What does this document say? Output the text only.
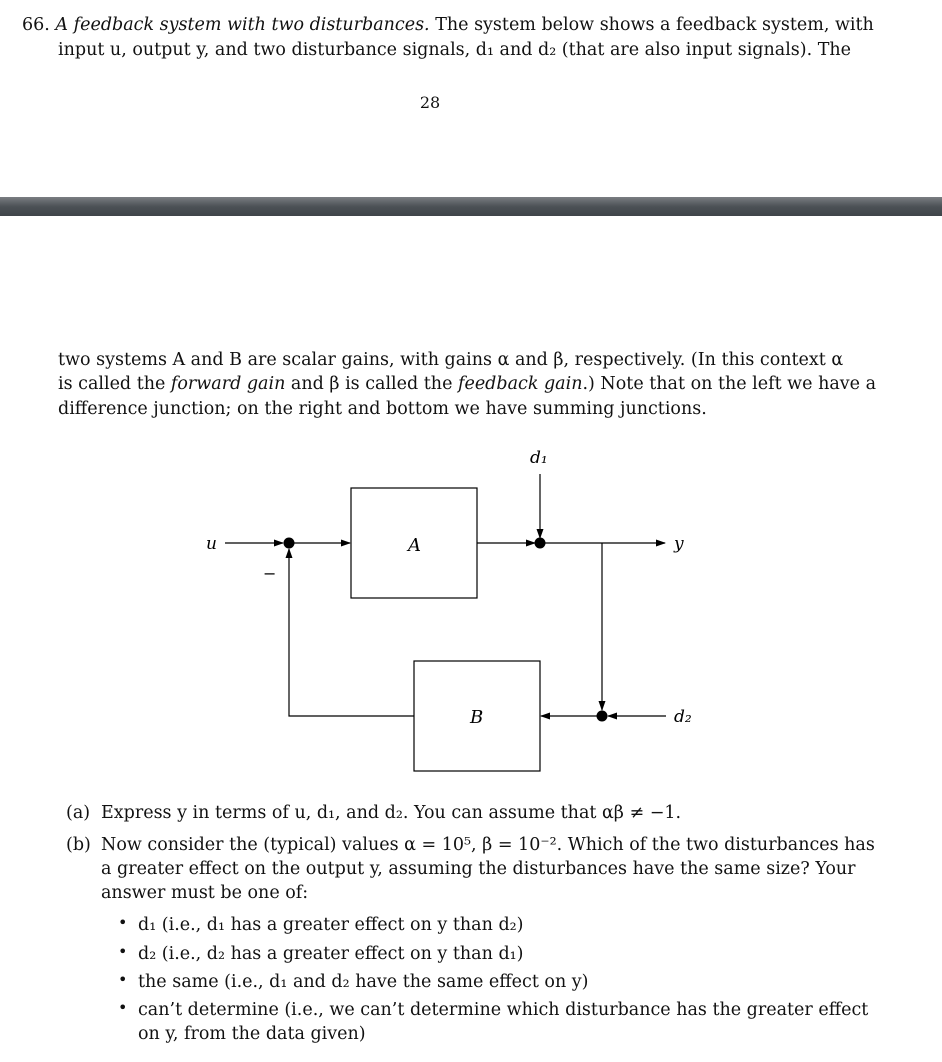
66. A feedback system with two disturbances. The system below shows a feedback system, with
input u, output y, and two disturbance signals, d₁ and d₂ (that are also input signals). The
28
two systems A and B are scalar gains, with gains α and β, respectively. (In this context α
is called the forward gain and β is called the feedback gain.) Note that on the left we have a
difference junction; on the right and bottom we have summing junctions.
u	y
d₁
d₂
A
B
−
(a) Express y in terms of u, d₁, and d₂. You can assume that αβ ≠ −1.
(b) Now consider the (typical) values α = 10⁵, β = 10⁻². Which of the two disturbances has
a greater effect on the output y, assuming the disturbances have the same size? Your
answer must be one of:
• d₁ (i.e., d₁ has a greater effect on y than d₂)
• d₂ (i.e., d₂ has a greater effect on y than d₁)
• the same (i.e., d₁ and d₂ have the same effect on y)
• can’t determine (i.e., we can’t determine which disturbance has the greater effect
on y, from the data given)
